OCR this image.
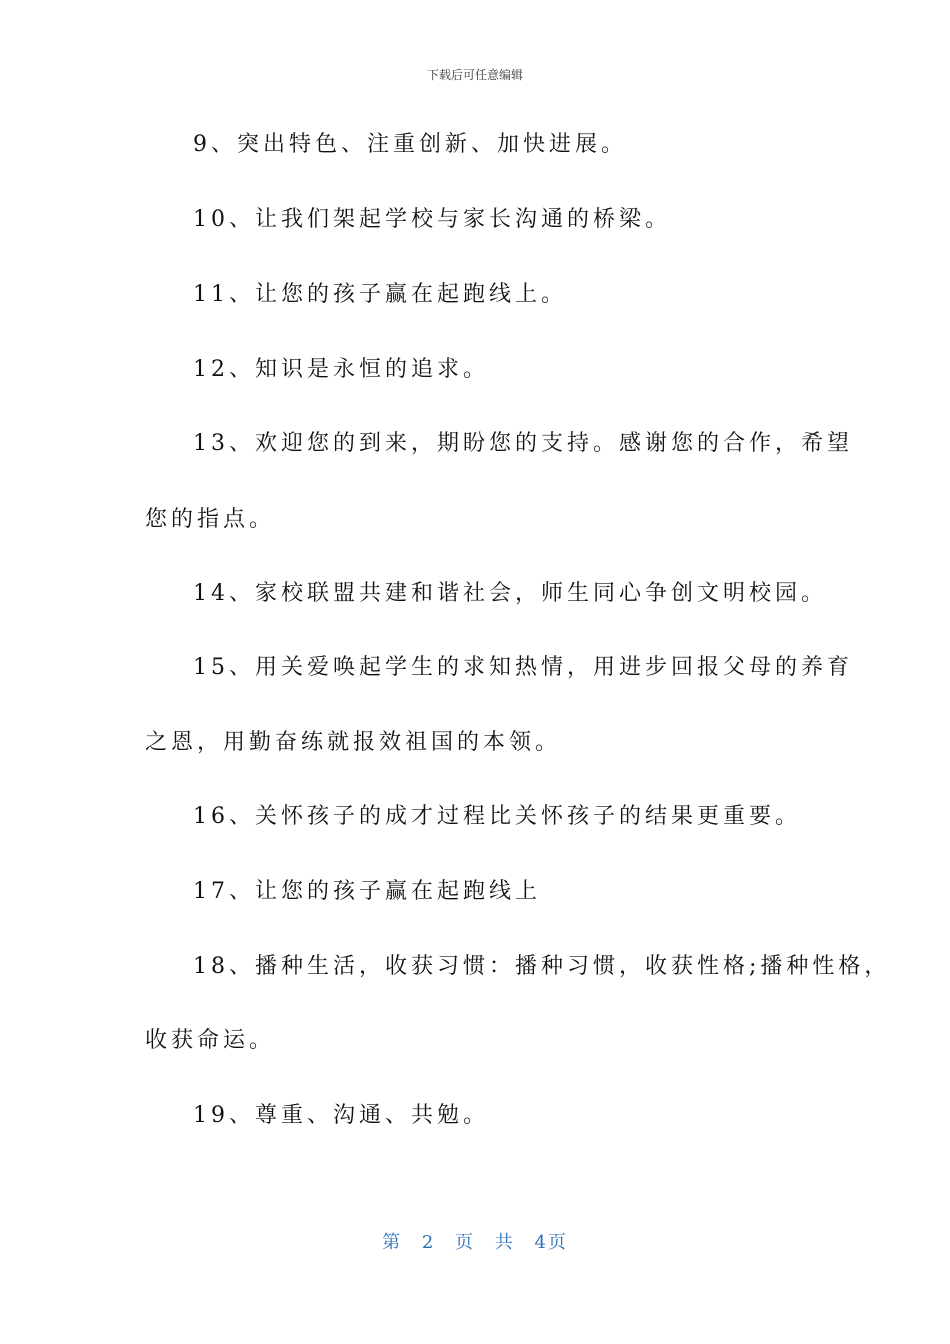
下载后可任意编辑
9、突出特色、注重创新、加快进展。
10、让我们架起学校与家长沟通的桥梁。
11、让您的孩子赢在起跑线上。
12、知识是永恒的追求。
13、欢迎您的到来，期盼您的支持。感谢您的合作，希望
您的指点。
14、家校联盟共建和谐社会，师生同心争创文明校园。
15、用关爱唤起学生的求知热情，用进步回报父母的养育
之恩，用勤奋练就报效祖国的本领。
16、关怀孩子的成才过程比关怀孩子的结果更重要。
17、让您的孩子赢在起跑线上
18、播种生活，收获习惯：播种习惯，收获性格;播种性格，
收获命运。
19、尊重、沟通、共勉。
第 2 页 共 4页
